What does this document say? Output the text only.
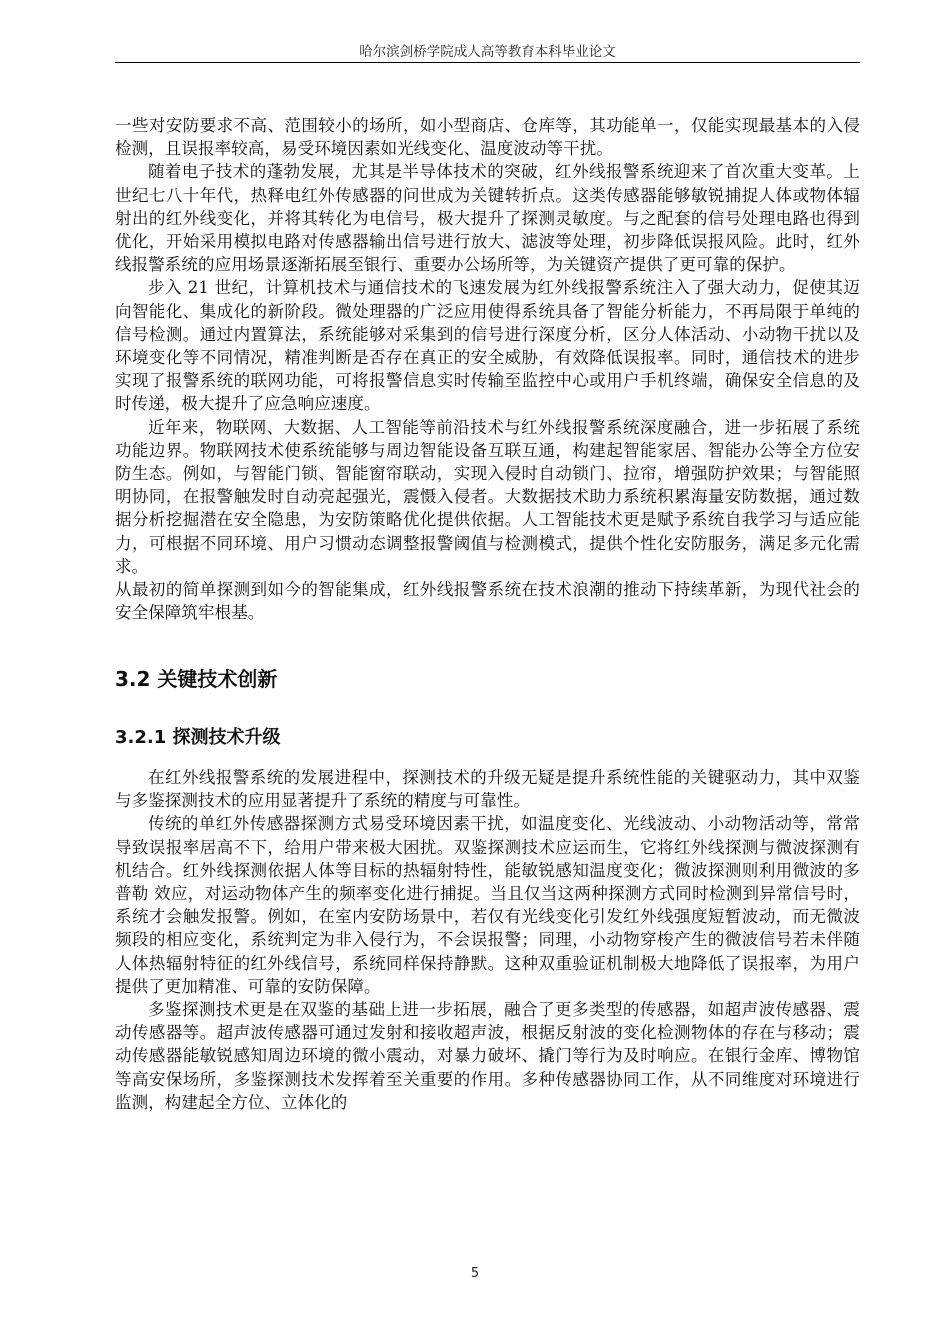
哈尔滨剑桥学院成人高等教育本科毕业论文

一些对安防要求不高、范围较小的场所，如小型商店、仓库等，其功能单一，仅能实现最基本的入侵检测，且误报率较高，易受环境因素如光线变化、温度波动等干扰。

随着电子技术的蓬勃发展，尤其是半导体技术的突破，红外线报警系统迎来了首次重大变革。上世纪七八十年代，热释电红外传感器的问世成为关键转折点。这类传感器能够敏锐捕捉人体或物体辐射出的红外线变化，并将其转化为电信号，极大提升了探测灵敏度。与之配套的信号处理电路也得到优化，开始采用模拟电路对传感器输出信号进行放大、滤波等处理，初步降低误报风险。此时，红外线报警系统的应用场景逐渐拓展至银行、重要办公场所等，为关键资产提供了更可靠的保护。

步入 21 世纪，计算机技术与通信技术的飞速发展为红外线报警系统注入了强大动力，促使其迈向智能化、集成化的新阶段。微处理器的广泛应用使得系统具备了智能分析能力，不再局限于单纯的信号检测。通过内置算法，系统能够对采集到的信号进行深度分析，区分人体活动、小动物干扰以及环境变化等不同情况，精准判断是否存在真正的安全威胁，有效降低误报率。同时，通信技术的进步实现了报警系统的联网功能，可将报警信息实时传输至监控中心或用户手机终端，确保安全信息的及时传递，极大提升了应急响应速度。

近年来，物联网、大数据、人工智能等前沿技术与红外线报警系统深度融合，进一步拓展了系统功能边界。物联网技术使系统能够与周边智能设备互联互通，构建起智能家居、智能办公等全方位安防生态。例如，与智能门锁、智能窗帘联动，实现入侵时自动锁门、拉帘，增强防护效果；与智能照明协同，在报警触发时自动亮起强光，震慑入侵者。大数据技术助力系统积累海量安防数据，通过数据分析挖掘潜在安全隐患，为安防策略优化提供依据。人工智能技术更是赋予系统自我学习与适应能力，可根据不同环境、用户习惯动态调整报警阈值与检测模式，提供个性化安防服务，满足多元化需求。

从最初的简单探测到如今的智能集成，红外线报警系统在技术浪潮的推动下持续革新，为现代社会的安全保障筑牢根基。

3.2 关键技术创新
3.2.1 探测技术升级

在红外线报警系统的发展进程中，探测技术的升级无疑是提升系统性能的关键驱动力，其中双鉴与多鉴探测技术的应用显著提升了系统的精度与可靠性。

传统的单红外传感器探测方式易受环境因素干扰，如温度变化、光线波动、小动物活动等，常常导致误报率居高不下，给用户带来极大困扰。双鉴探测技术应运而生，它将红外线探测与微波探测有机结合。红外线探测依据人体等目标的热辐射特性，能敏锐感知温度变化；微波探测则利用微波的多普勒 效应，对运动物体产生的频率变化进行捕捉。当且仅当这两种探测方式同时检测到异常信号时，系统才会触发报警。例如，在室内安防场景中，若仅有光线变化引发红外线强度短暂波动，而无微波频段的相应变化，系统判定为非入侵行为，不会误报警；同理，小动物穿梭产生的微波信号若未伴随人体热辐射特征的红外线信号，系统同样保持静默。这种双重验证机制极大地降低了误报率，为用户提供了更加精准、可靠的安防保障。

多鉴探测技术更是在双鉴的基础上进一步拓展，融合了更多类型的传感器，如超声波传感器、震动传感器等。超声波传感器可通过发射和接收超声波，根据反射波的变化检测物体的存在与移动；震动传感器能敏锐感知周边环境的微小震动，对暴力破坏、撬门等行为及时响应。在银行金库、博物馆等高安保场所，多鉴探测技术发挥着至关重要的作用。多种传感器协同工作，从不同维度对环境进行监测，构建起全方位、立体化的

5
